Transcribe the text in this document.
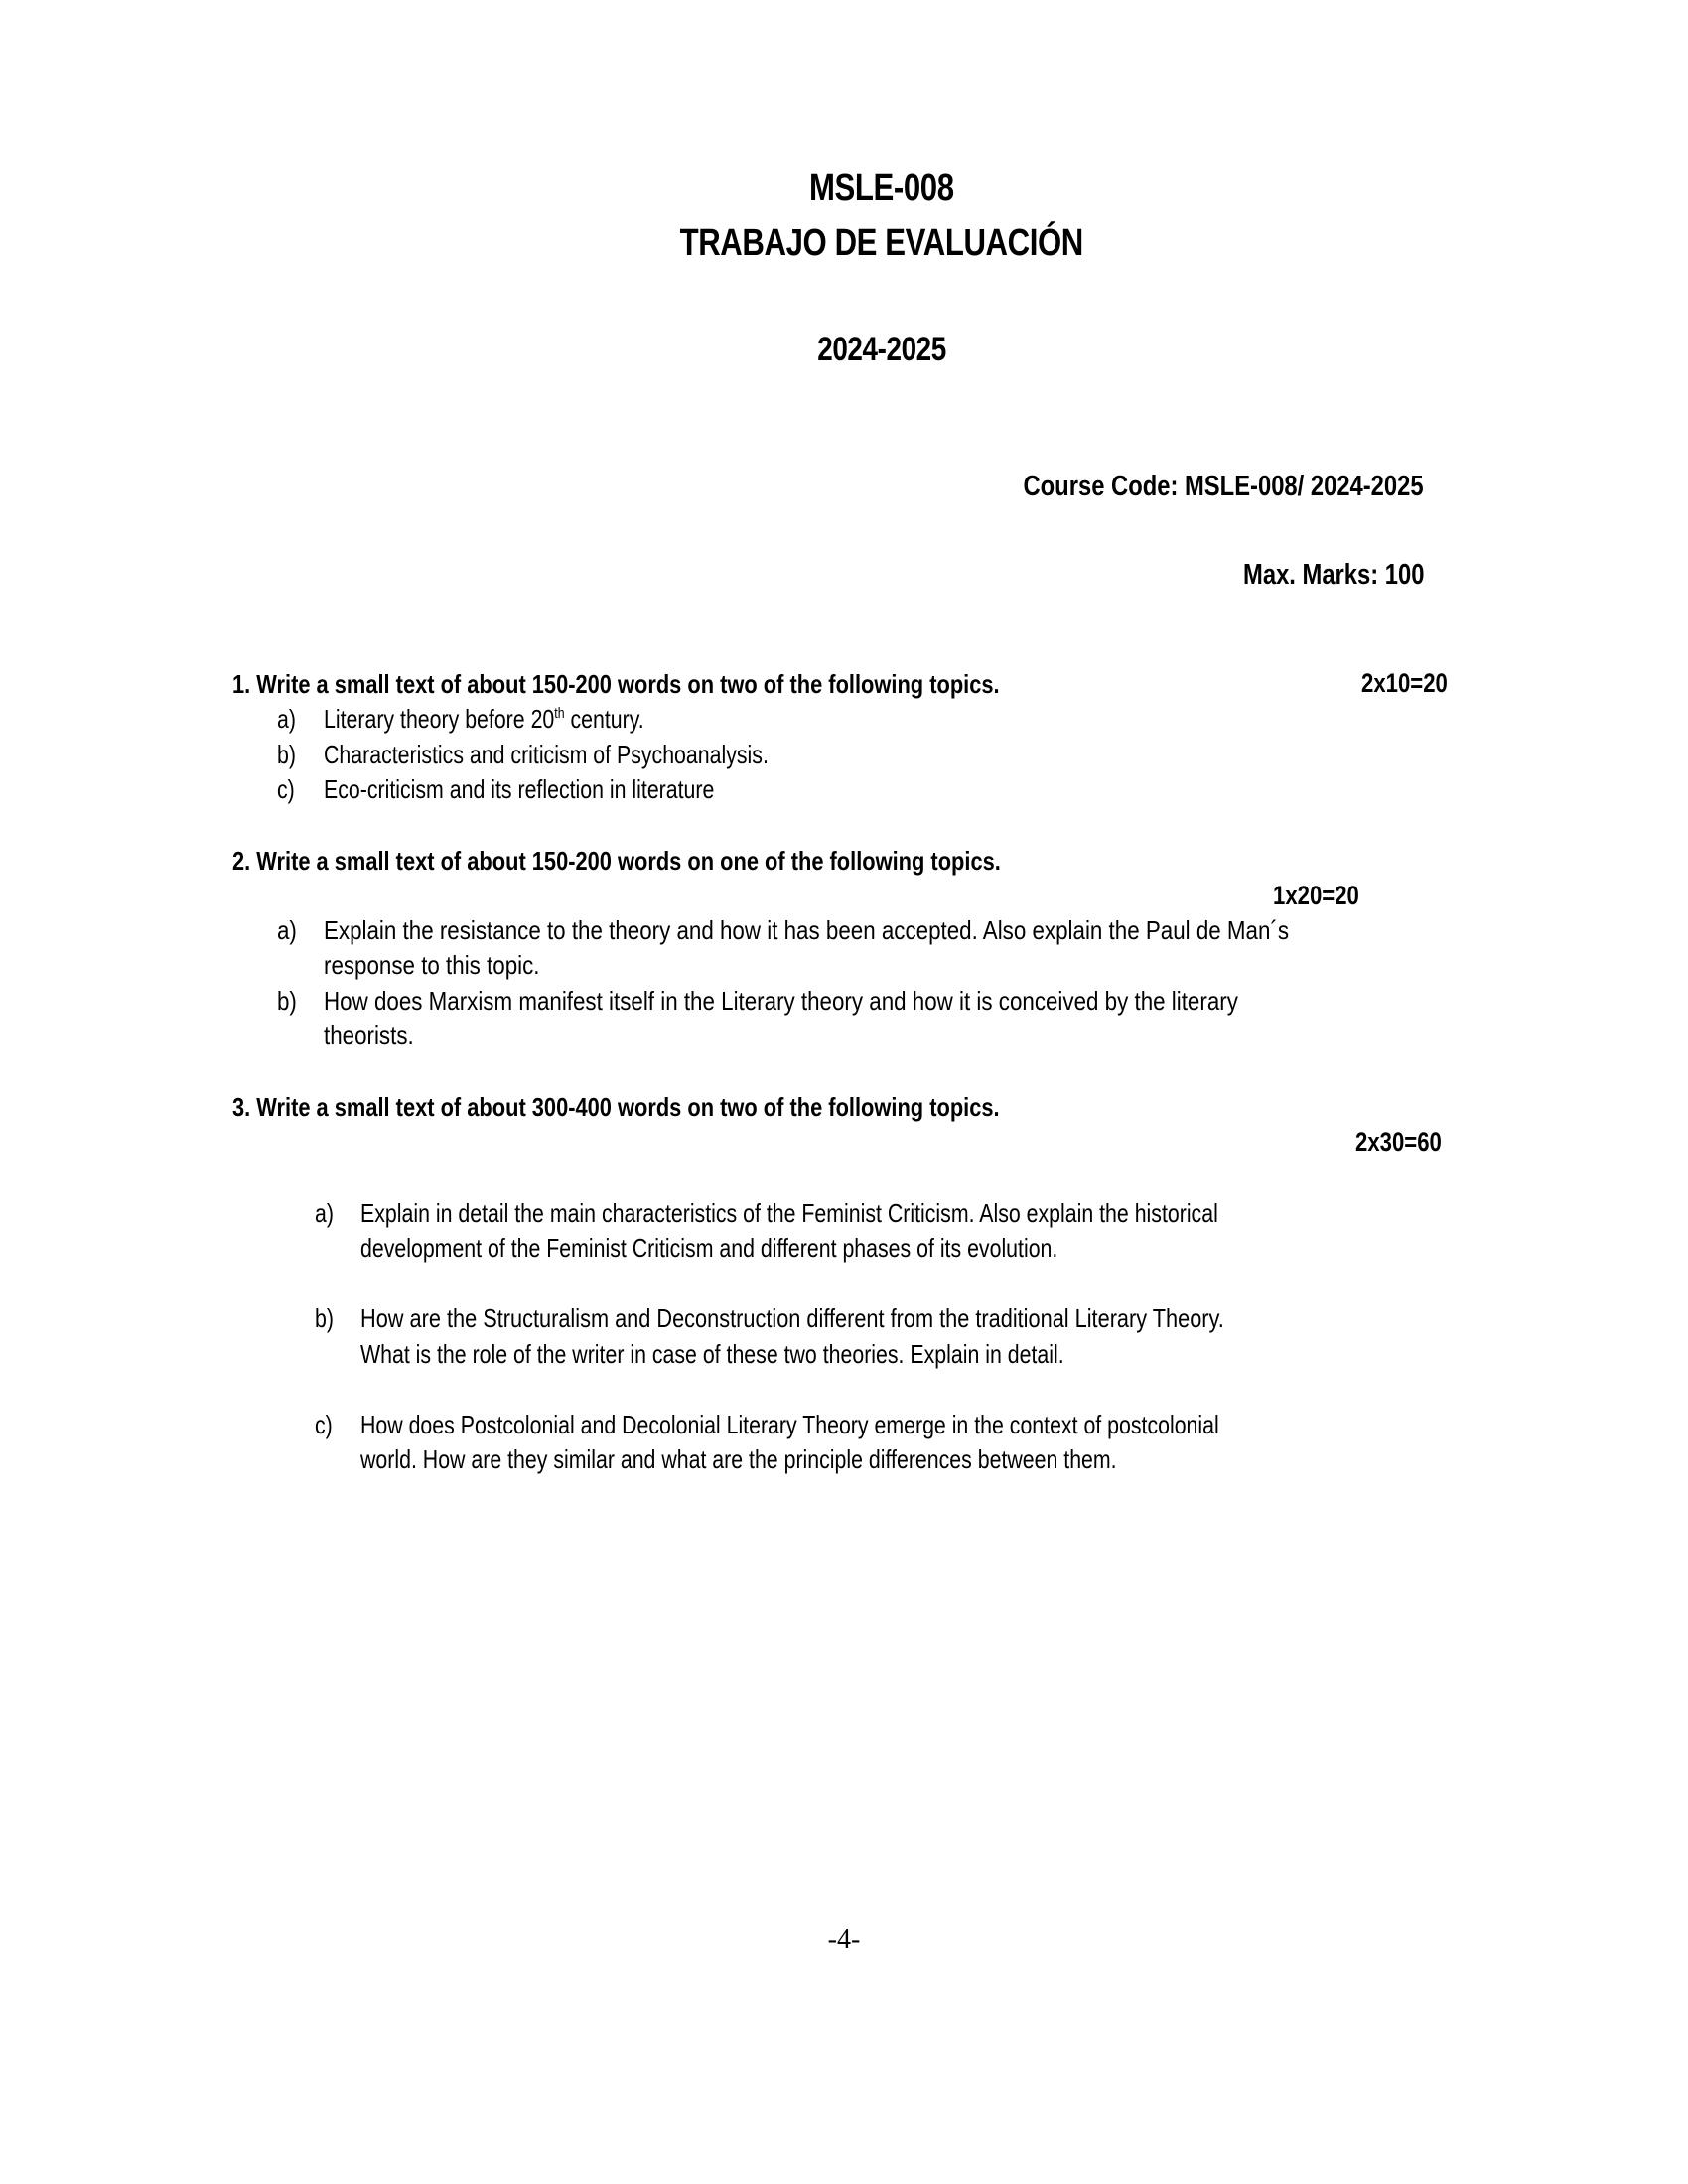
MSLE-008
TRABAJO DE EVALUACIÓN
2024-2025
Course Code: MSLE-008/ 2024-2025
Max. Marks: 100
1. Write a small text of about 150-200 words on two of the following topics.	2x10=20
a) Literary theory before 20th century.
b) Characteristics and criticism of Psychoanalysis.
c) Eco-criticism and its reflection in literature
2. Write a small text of about 150-200 words on one of the following topics.
1x20=20
a) Explain the resistance to the theory and how it has been accepted. Also explain the Paul de Man´s
response to this topic.
b) How does Marxism manifest itself in the Literary theory and how it is conceived by the literary
theorists.
3. Write a small text of about 300-400 words on two of the following topics.
2x30=60
a) Explain in detail the main characteristics of the Feminist Criticism. Also explain the historical
development of the Feminist Criticism and different phases of its evolution.
b) How are the Structuralism and Deconstruction different from the traditional Literary Theory.
What is the role of the writer in case of these two theories. Explain in detail.
c) How does Postcolonial and Decolonial Literary Theory emerge in the context of postcolonial
world. How are they similar and what are the principle differences between them.
-4-
